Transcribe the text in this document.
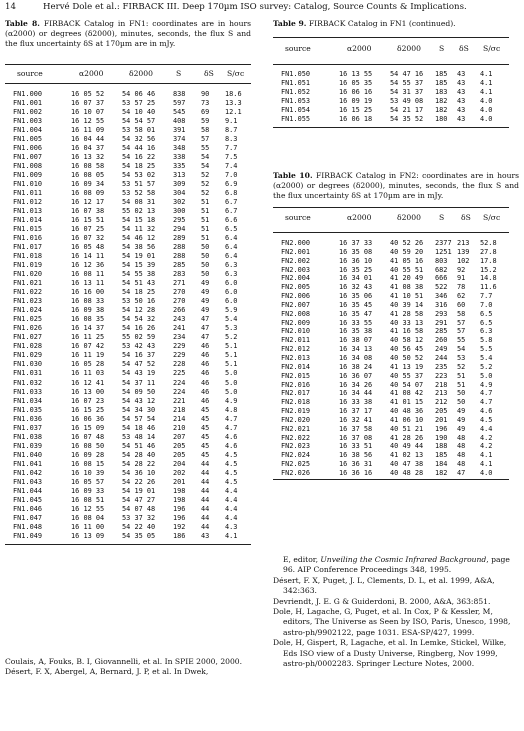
14	Hervé Dole et al.: FIRBACK III. Deep 170µm ISO survey: Catalog, Source Counts & Implications.
Table 8. FIRBACK Catalog in FN1: coordinates are in hours (α2000) or degrees (δ2000), minutes, seconds, the flux S and the flux uncertainty δS at 170µm are in mJy.
source	α2000	δ2000	S	δS S/σc
FN1.000	16 05 52	54 06 46	838 90 18.6
FN1.001	16 07 37	53 57 25	597 73 13.3
FN1.002	16 10 07	54 10 40	545 69 12.1
FN1.003	16 12 55	54 54 57	408 59 9.1
FN1.004	16 11 09	53 58 01	391 58 8.7
FN1.005	16 04 44	54 32 56	374 57 8.3
FN1.006	16 04 37	54 44 16	348 55 7.7
FN1.007	16 13 32	54 16 22	338 54 7.5
FN1.008	16 08 58	54 18 25	335 54 7.4
FN1.009	16 08 05	54 53 02	313 52 7.0
FN1.010	16 09 34	53 51 57	309 52 6.9
FN1.011	16 08 09	53 52 58	304 52 6.8
FN1.012	16 12 17	54 08 31	302 51 6.7
FN1.013	16 07 38	55 02 13	300 51 6.7
FN1.014	16 15 51	54 15 18	295 51 6.6
FN1.015	16 07 25	54 11 32	294 51 6.5
FN1.016	16 07 32	54 46 12	289 51 6.4
FN1.017	16 05 48	54 38 56	288 50 6.4
FN1.018	16 14 11	54 19 01	288 50 6.4
FN1.019	16 12 36	54 15 39	285 50 6.3
FN1.020	16 08 11	54 55 38	283 50 6.3
FN1.021	16 13 11	54 51 43	271 49 6.0
FN1.022	16 16 00	54 18 25	270 49 6.0
FN1.023	16 08 33	53 50 16	270 49 6.0
FN1.024	16 09 38	54 12 28	266 49 5.9
FN1.025	16 08 35	54 54 32	243 47 5.4
FN1.026	16 14 37	54 16 26	241 47 5.3
FN1.027	16 11 25	55 02 59	234 47 5.2
FN1.028	16 07 42	53 42 43	229 46 5.1
FN1.029	16 11 19	54 16 37	229 46 5.1
FN1.030	16 05 28	54 47 52	228 46 5.1
FN1.031	16 11 03	54 43 19	225 46 5.0
FN1.032	16 12 41	54 37 11	224 46 5.0
FN1.033	16 13 00	54 09 50	224 46 5.0
FN1.034	16 07 23	54 43 12	221 46 4.9
FN1.035	16 15 25	54 34 30	218 45 4.8
FN1.036	16 06 36	54 57 54	214 45 4.7
FN1.037	16 15 09	54 18 46	210 45 4.7
FN1.038	16 07 48	53 48 14	207 45 4.6
FN1.039	16 08 50	54 51 46	205 45 4.6
FN1.040	16 09 28	54 28 40	205 45 4.5
FN1.041	16 08 15	54 28 22	204 44 4.5
FN1.042	16 10 39	54 36 10	202 44 4.5
FN1.043	16 05 57	54 22 26	201 44 4.5
FN1.044	16 09 33	54 19 01	198 44 4.4
FN1.045	16 08 51	54 47 27	198 44 4.4
FN1.046	16 12 55	54 07 48	196 44 4.4
FN1.047	16 08 04	53 37 32	196 44 4.4
FN1.048	16 11 00	54 22 40	192 44 4.3
FN1.049	16 13 09	54 35 05	186 43 4.1
Table 9. FIRBACK Catalog in FN1 (continued).
source	α2000	δ2000 S δS S/σc
FN1.050	16 13 55	54 47 16 185 43 4.1
FN1.051	16 05 35	54 55 37 185 43 4.1
FN1.052	16 06 16	54 31 37 183 43 4.1
FN1.053	16 09 19	53 49 08 182 43 4.0
FN1.054	16 15 25	54 21 17 182 43 4.0
FN1.055	16 06 18	54 35 52 180 43 4.0
Table 10. FIRBACK Catalog in FN2: coordinates are in hours (α2000) or degrees (δ2000), minutes, seconds, the flux S and the flux uncertainty δS at 170µm are in mJy.
source	α2000	δ2000 S δS S/σc
FN2.000	16 37 33	40 52 26 2377 213 52.8
FN2.001	16 35 08	40 59 20 1251 139 27.8
FN2.002	16 36 10	41 05 16 803 102 17.8
FN2.003	16 35 25	40 55 51 682 92 15.2
FN2.004	16 34 01	41 20 49 666 91 14.8
FN2.005	16 32 43	41 08 38 522 78 11.6
FN2.006	16 35 06	41 10 51 346 62 7.7
FN2.007	16 35 45	40 39 14 316 60 7.0
FN2.008	16 35 47	41 28 58 293 58 6.5
FN2.009	16 33 55	40 33 13 291 57 6.5
FN2.010	16 35 38	41 16 58 285 57 6.3
FN2.011	16 38 07	40 58 12 260 55 5.8
FN2.012	16 34 13	40 56 45 249 54 5.5
FN2.013	16 34 08	40 50 52 244 53 5.4
FN2.014	16 38 24	41 13 19 235 52 5.2
FN2.015	16 36 07	40 55 37 223 51 5.0
FN2.016	16 34 26	40 54 07 218 51 4.9
FN2.017	16 34 44	41 08 42 213 50 4.7
FN2.018	16 33 38	41 01 15 212 50 4.7
FN2.019	16 37 17	40 48 36 205 49 4.6
FN2.020	16 32 41	41 06 10 201 49 4.5
FN2.021	16 37 58	40 51 21 196 49 4.4
FN2.022	16 37 08	41 28 26 190 48 4.2
FN2.023	16 33 51	40 49 44 188 48 4.2
FN2.024	16 38 56	41 02 13 185 48 4.1
FN2.025	16 36 31	40 47 38 184 48 4.1
FN2.026	16 36 16	40 48 28 182 47 4.0

Coulais, A, Fouks, B. I, Giovannelli, et al. In SPIE 2000, 2000.

Désert, F. X, Abergel, A, Bernard, J. P, et al. In Dwek,

E, editor, Unveiling the Cosmic Infrared Background, page 96. AIP Conference Proceedings 348, 1995.

Désert, F. X, Puget, J. L, Clements, D. L, et al. 1999, A&A, 342:363.

Devriendt, J. E. G & Guiderdoni, B. 2000, A&A, 363:851.

Dole, H, Lagache, G, Puget, et al. In Cox, P & Kessler, M, editors, The Universe as Seen by ISO, Paris, Unesco, 1998, astro-ph/9902122, page 1031. ESA-SP/427, 1999.

Dole, H, Gispert, R, Lagache, et al. In Lemke, Stickel, Wilke, Eds ISO view of a Dusty Universe, Ringberg, Nov 1999, astro-ph/0002283. Springer Lecture Notes, 2000.
